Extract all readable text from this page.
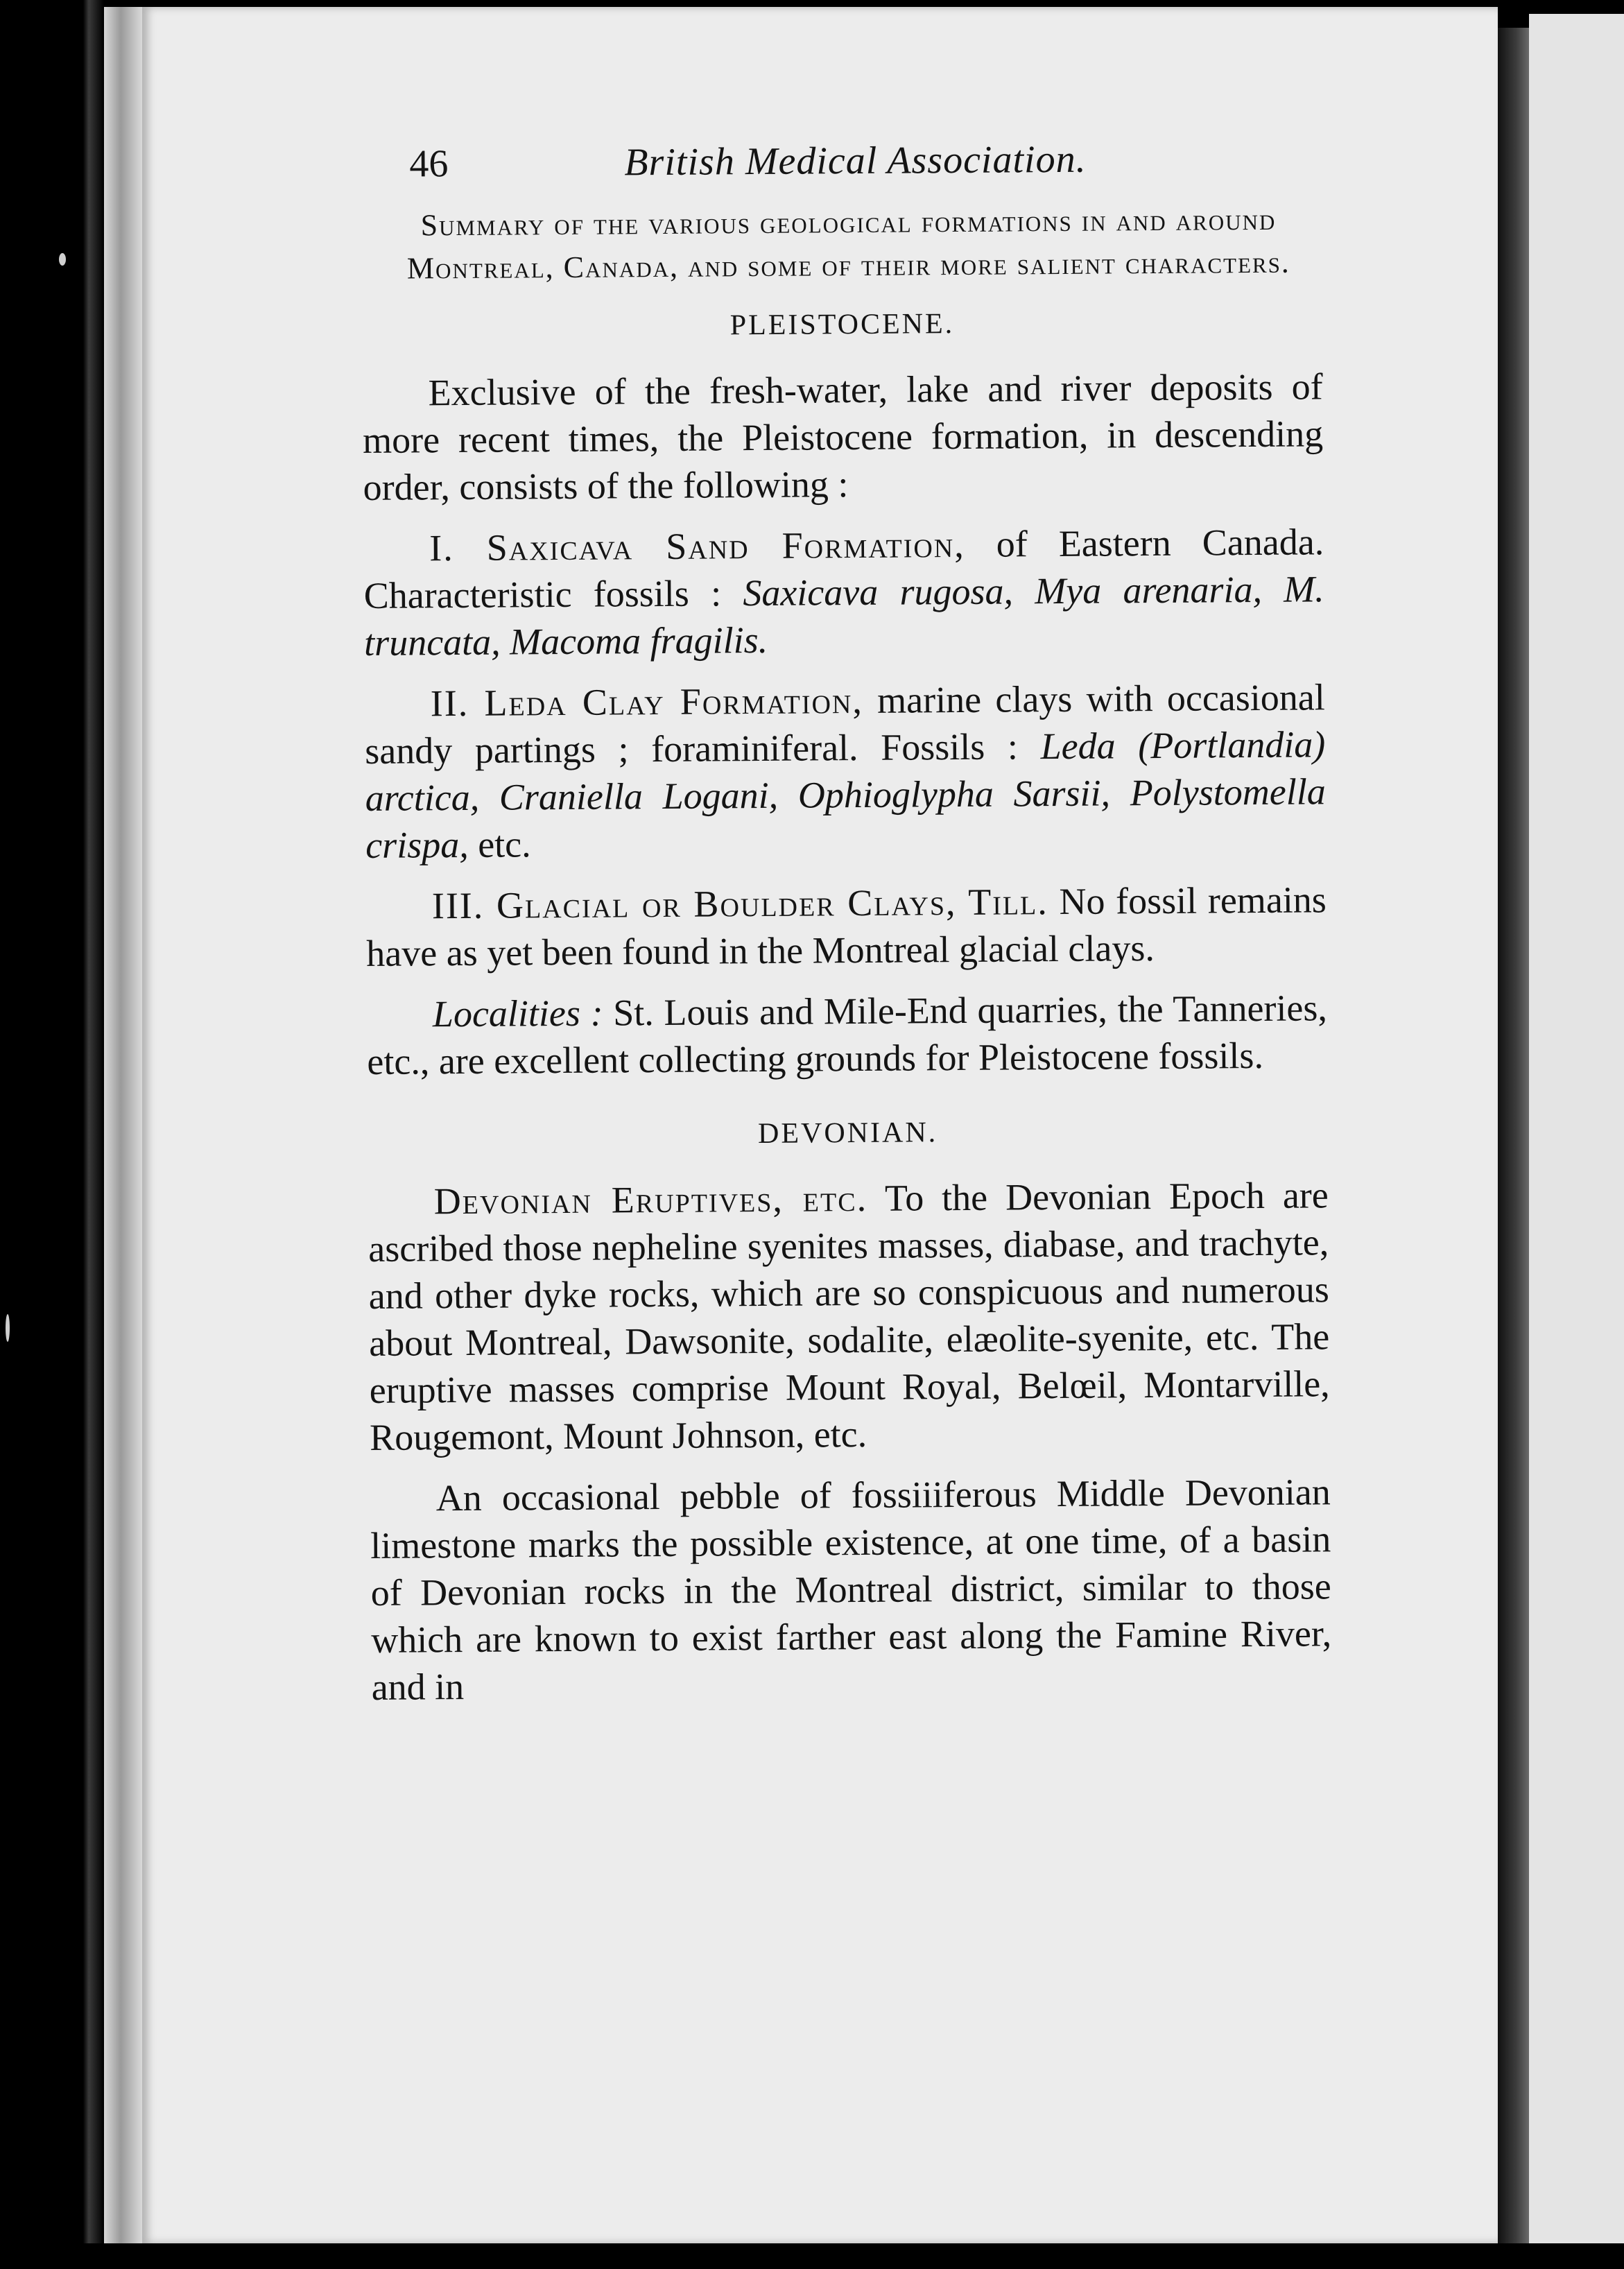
46	British Medical Association.
Summary of the various geological formations in and around Montreal, Canada, and some of their more salient characters.
PLEISTOCENE.

Exclusive of the fresh-water, lake and river deposits of more recent times, the Pleistocene formation, in descending order, consists of the following :

I. Saxicava Sand Formation, of Eastern Canada. Characteristic fossils : Saxicava rugosa, Mya arenaria, M. truncata, Macoma fragilis.

II. Leda Clay Formation, marine clays with occasional sandy partings ; foraminiferal. Fossils : Leda (Portlandia) arctica, Craniella Logani, Ophioglypha Sarsii, Polystomella crispa, etc.

III. Glacial or Boulder Clays, Till. No fossil remains have as yet been found in the Montreal glacial clays.

Localities : St. Louis and Mile-End quarries, the Tanneries, etc., are excellent collecting grounds for Pleistocene fossils.

DEVONIAN.

Devonian Eruptives, etc. To the Devonian Epoch are ascribed those nepheline syenites masses, diabase, and trachyte, and other dyke rocks, which are so conspicuous and numerous about Montreal, Dawsonite, sodalite, elæolite-syenite, etc. The eruptive masses comprise Mount Royal, Belœil, Montarville, Rougemont, Mount Johnson, etc.

An occasional pebble of fossiiiferous Middle Devonian limestone marks the possible existence, at one time, of a basin of Devonian rocks in the Montreal district, similar to those which are known to exist farther east along the Famine River, and in
